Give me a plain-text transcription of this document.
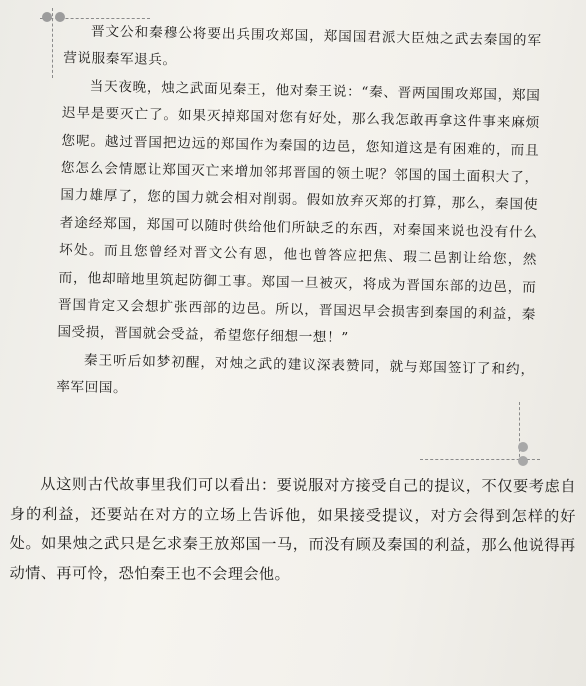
晋文公和秦穆公将要出兵围攻郑国，郑国国君派大臣烛之武去秦国的军营说服秦军退兵。

当天夜晚，烛之武面见秦王，他对秦王说：“秦、晋两国围攻郑国，郑国迟早是要灭亡了。如果灭掉郑国对您有好处，那么我怎敢再拿这件事来麻烦您呢。越过晋国把边远的郑国作为秦国的边邑，您知道这是有困难的，而且您怎么会情愿让郑国灭亡来增加邻邦晋国的领土呢？邻国的国土面积大了，国力雄厚了，您的国力就会相对削弱。假如放弃灭郑的打算，那么，秦国使者途经郑国，郑国可以随时供给他们所缺乏的东西，对秦国来说也没有什么坏处。而且您曾经对晋文公有恩，他也曾答应把焦、瑕二邑割让给您，然而，他却暗地里筑起防御工事。郑国一旦被灭，将成为晋国东部的边邑，而晋国肯定又会想扩张西部的边邑。所以，晋国迟早会损害到秦国的利益，秦国受损，晋国就会受益，希望您仔细想一想！”

秦王听后如梦初醒，对烛之武的建议深表赞同，就与郑国签订了和约，率军回国。

从这则古代故事里我们可以看出：要说服对方接受自己的提议，不仅要考虑自身的利益，还要站在对方的立场上告诉他，如果接受提议，对方会得到怎样的好处。如果烛之武只是乞求秦王放郑国一马，而没有顾及秦国的利益，那么他说得再动情、再可怜，恐怕秦王也不会理会他。
